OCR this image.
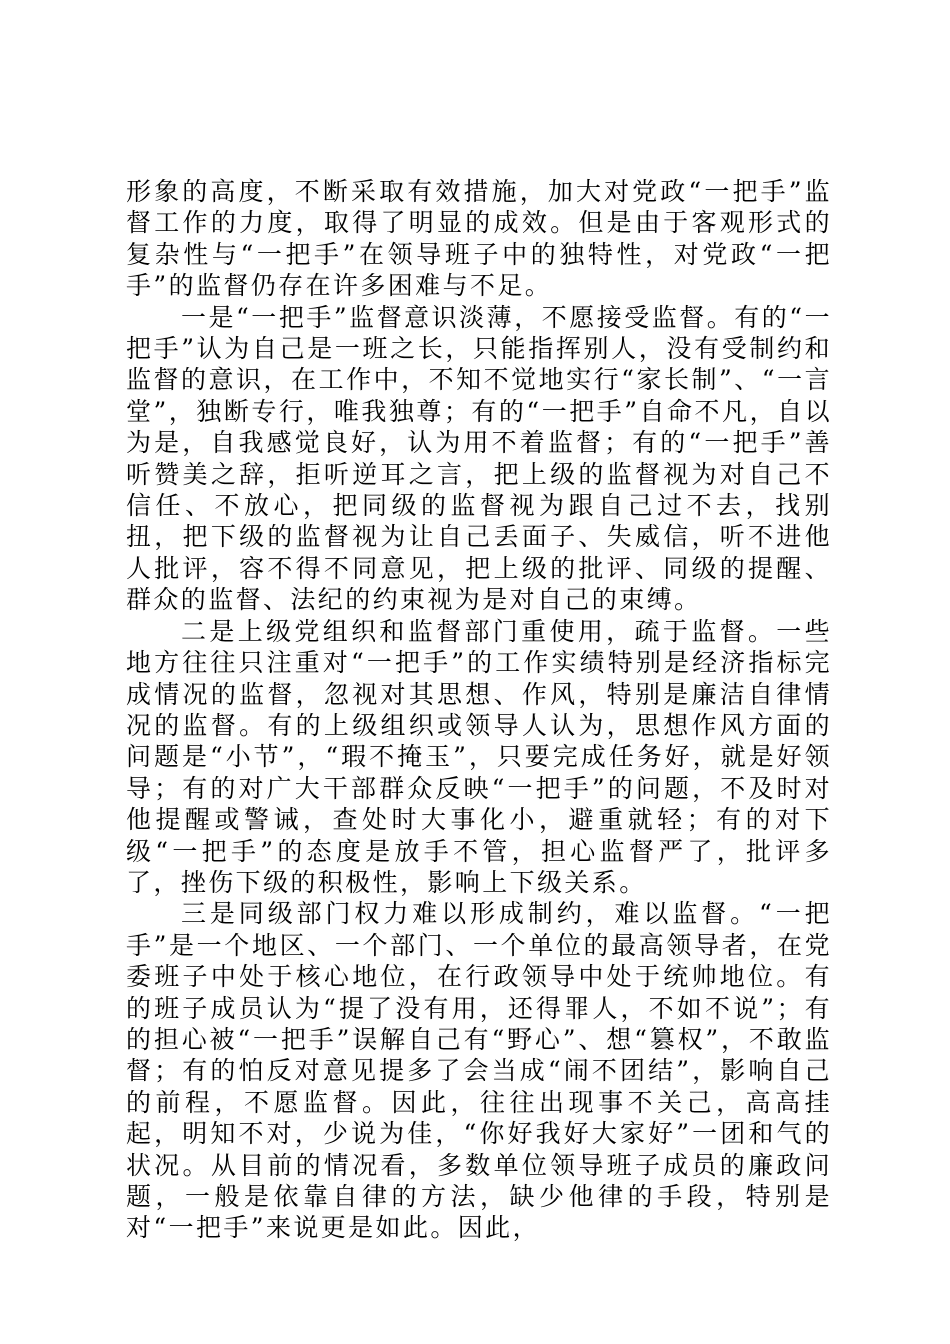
形象的高度，不断采取有效措施，加大对党政“一把手”监督工作的力度，取得了明显的成效。但是由于客观形式的复杂性与“一把手”在领导班子中的独特性，对党政“一把手”的监督仍存在许多困难与不足。

一是“一把手”监督意识淡薄，不愿接受监督。有的“一把手”认为自己是一班之长，只能指挥别人，没有受制约和监督的意识，在工作中，不知不觉地实行“家长制”、“一言堂”，独断专行，唯我独尊；有的“一把手”自命不凡，自以为是，自我感觉良好，认为用不着监督；有的“一把手”善听赞美之辞，拒听逆耳之言，把上级的监督视为对自己不信任、不放心，把同级的监督视为跟自己过不去，找别扭，把下级的监督视为让自己丢面子、失威信，听不进他人批评，容不得不同意见，把上级的批评、同级的提醒、群众的监督、法纪的约束视为是对自己的束缚。

二是上级党组织和监督部门重使用，疏于监督。一些地方往往只注重对“一把手”的工作实绩特别是经济指标完成情况的监督，忽视对其思想、作风，特别是廉洁自律情况的监督。有的上级组织或领导人认为，思想作风方面的问题是“小节”，“瑕不掩玉”，只要完成任务好，就是好领导；有的对广大干部群众反映“一把手”的问题，不及时对他提醒或警诫，查处时大事化小，避重就轻；有的对下级“一把手”的态度是放手不管，担心监督严了，批评多了，挫伤下级的积极性，影响上下级关系。

三是同级部门权力难以形成制约，难以监督。“一把手”是一个地区、一个部门、一个单位的最高领导者，在党委班子中处于核心地位，在行政领导中处于统帅地位。有的班子成员认为“提了没有用，还得罪人，不如不说”；有的担心被“一把手”误解自己有“野心”、想“篡权”，不敢监督；有的怕反对意见提多了会当成“闹不团结”，影响自己的前程，不愿监督。因此，往往出现事不关己，高高挂起，明知不对，少说为佳，“你好我好大家好”一团和气的状况。从目前的情况看，多数单位领导班子成员的廉政问题，一般是依靠自律的方法，缺少他律的手段，特别是对“一把手”来说更是如此。因此，
